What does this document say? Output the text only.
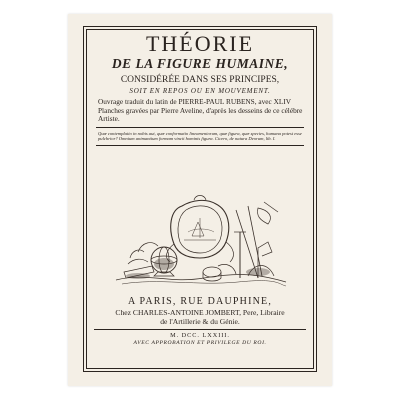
THÉORIE
DE LA FIGURE HUMAINE,
CONSIDÉRÉE DANS SES PRINCIPES,
SOIT EN REPOS OU EN MOUVEMENT.
Ouvrage traduit du latin de PIERRE-PAUL RUBENS, avec XLIV Planches gravées par Pierre Aveline, d'après les desseins de ce célébre Artiste.
Quæ contemplatio in nobis aut, quæ conformatio lineamentorum, quæ figura, quæ species, humana potest esse pulchrior? Omnium animantium formam vincit hominis figura. Cicero, de natura Deorum, lib. I.
A PARIS, RUE DAUPHINE,
Chez CHARLES-ANTOINE JOMBERT, Pere, Libraire
de l'Artillerie & du Génie.
M. DCC. LXXIII.
AVEC APPROBATION ET PRIVILEGE DU ROI.
